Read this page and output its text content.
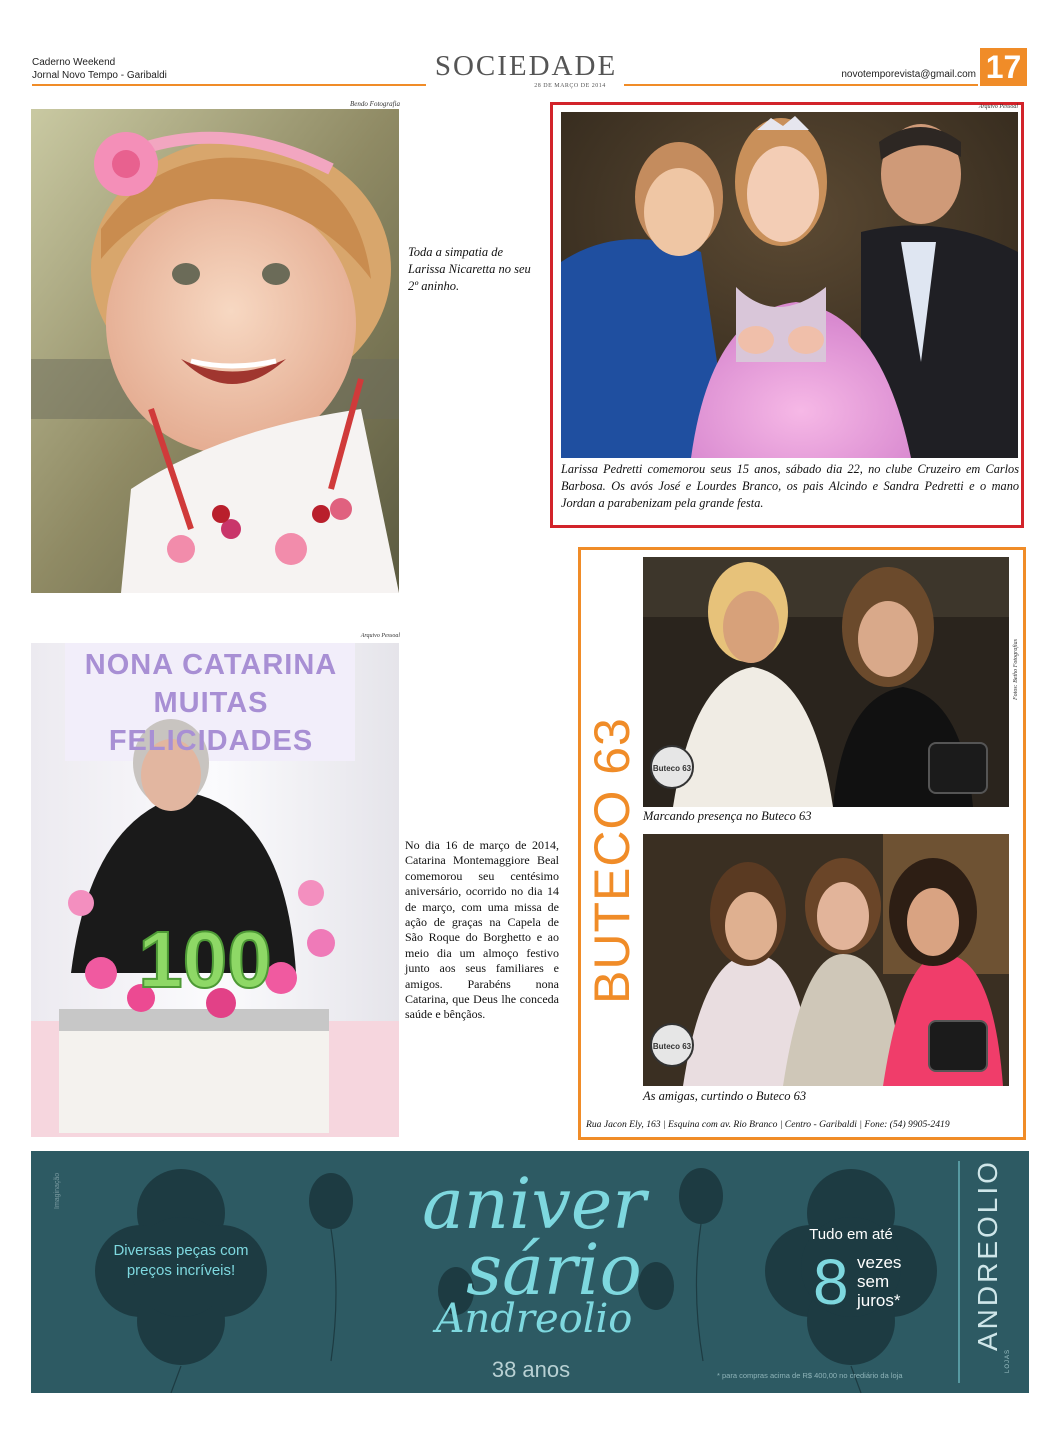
Caderno Weekend
Jornal Novo Tempo - Garibaldi	SOCIEDADE
28 DE MARÇO DE 2014
novotemporevista@gmail.com 17
Bendo Fotografia
Toda a simpatia de Larissa Nicaretta no seu 2º aninho.
Arquivo Pessoal
Larissa Pedretti comemorou seus 15 anos, sábado dia 22, no clube Cruzeiro em Carlos Barbosa. Os avós José e Lourdes Branco, os pais Alcindo e Sandra Pedretti e o mano Jordan a parabenizam pela grande festa.
Arquivo Pessoal
NONA CATARINA
MUITAS
FELICIDADES
100
No dia 16 de março de 2014, Catarina Montemaggiore Beal comemorou seu centésimo aniversário, ocorrido no dia 14 de março, com uma missa de ação de graças na Capela de São Roque do Borghetto e ao meio dia um almoço festivo junto aos seus familiares e amigos. Parabéns nona Catarina, que Deus lhe conceda saúde e bênçãos.
BUTECO 63
Fotos: Betho Fotografias
Buteco 63
Marcando presença no Buteco 63
Buteco 63
As amigas, curtindo o Buteco 63
Rua Jacon Ely, 163 | Esquina com av. Rio Branco | Centro - Garibaldi | Fone: (54) 9905-2419
Imaginação
Diversas peças com preços incríveis!
aniver
sário
Andreolio
38 anos
Tudo em até
8 vezes
sem
juros*
* para compras acima de R$ 400,00 no crediário da loja
ANDREOLIO
LOJAS
